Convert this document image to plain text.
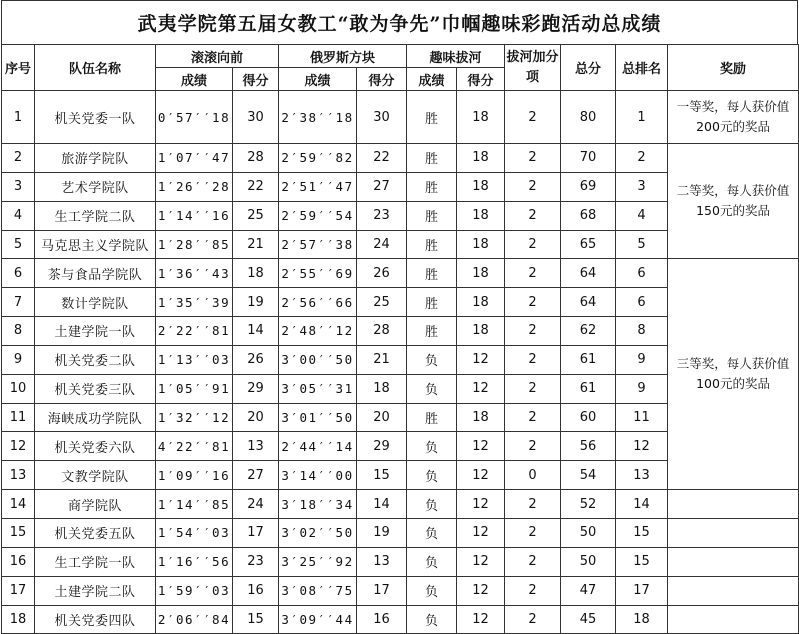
武夷学院第五届女教工“敢为争先”巾帼趣味彩跑活动总成绩
序号	队伍名称	滚滚向前		俄罗斯方块		趣味拔河		拔河加分项	总分	总排名	奖励
		成绩	得分	成绩	得分	成绩	得分				
1	机关党委一队	0′57′′18	30	2′38′′18	30	胜	18	2	80	1	一等奖，每人获价值200元的奖品
2	旅游学院队	1′07′′47	28	2′59′′82	22	胜	18	2	70	2	二等奖，每人获价值150元的奖品
3	艺术学院队	1′26′′28	22	2′51′′47	27	胜	18	2	69	3	
4	生工学院二队	1′14′′16	25	2′59′′54	23	胜	18	2	68	4	
5	马克思主义学院队	1′28′′85	21	2′57′′38	24	胜	18	2	65	5	
6	茶与食品学院队	1′36′′43	18	2′55′′69	26	胜	18	2	64	6	三等奖，每人获价值100元的奖品
7	数计学院队	1′35′′39	19	2′56′′66	25	胜	18	2	64	6	
8	土建学院一队	2′22′′81	14	2′48′′12	28	胜	18	2	62	8	
9	机关党委二队	1′13′′03	26	3′00′′50	21	负	12	2	61	9	
10	机关党委三队	1′05′′91	29	3′05′′31	18	负	12	2	61	9	
11	海峡成功学院队	1′32′′12	20	3′01′′50	20	胜	18	2	60	11	
12	机关党委六队	4′22′′81	13	2′44′′14	29	负	12	2	56	12	
13	文教学院队	1′09′′16	27	3′14′′00	15	负	12	0	54	13	
14	商学院队	1′14′′85	24	3′18′′34	14	负	12	2	52	14	
15	机关党委五队	1′54′′03	17	3′02′′50	19	负	12	2	50	15	
16	生工学院一队	1′16′′56	23	3′25′′92	13	负	12	2	50	15	
17	土建学院二队	1′59′′03	16	3′08′′75	17	负	12	2	47	17	
18	机关党委四队	2′06′′84	15	3′09′′44	16	负	12	2	45	18	
